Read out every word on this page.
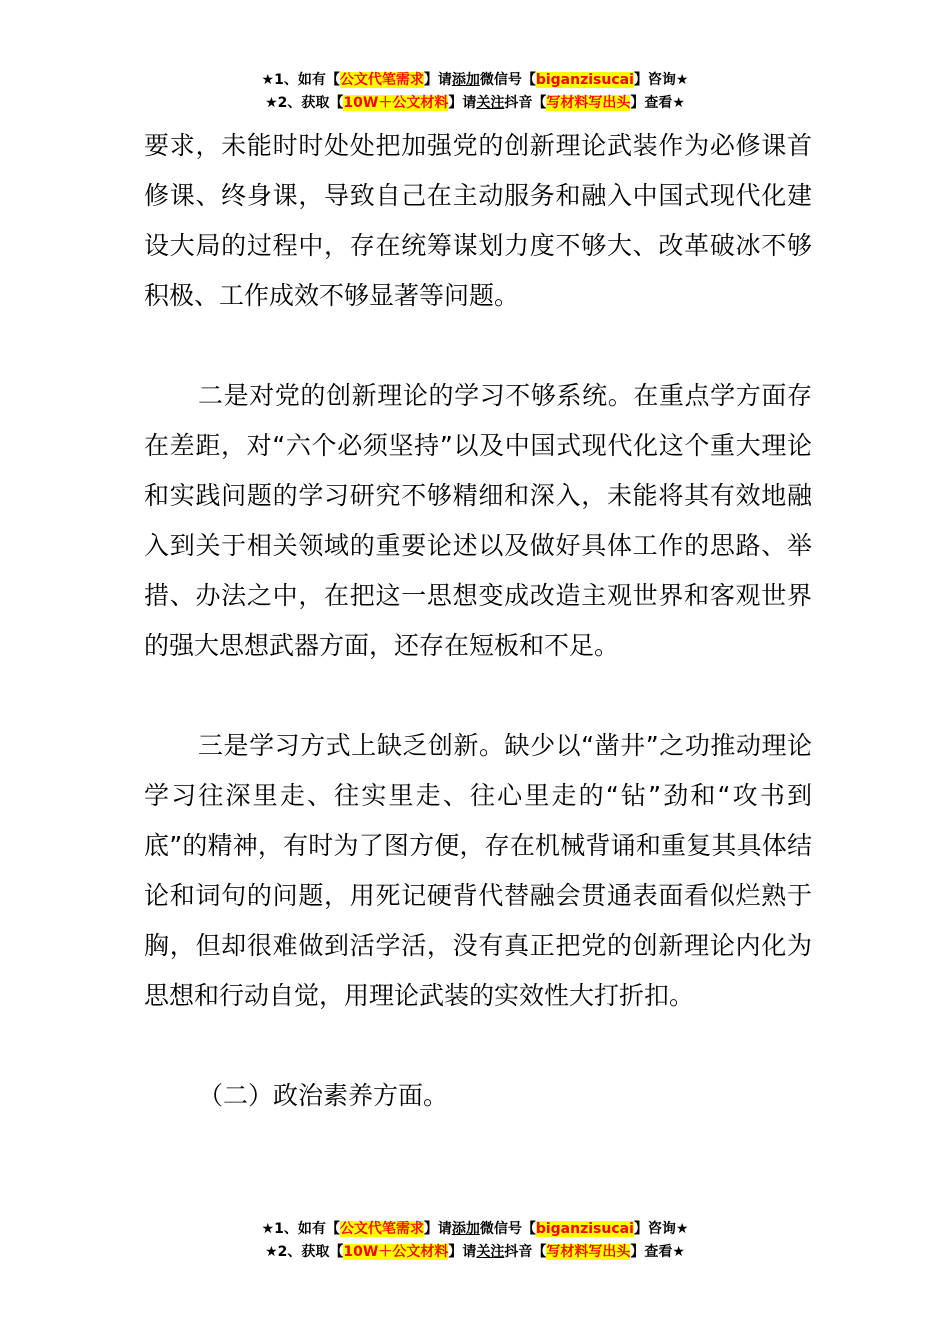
★1、如有【公文代笔需求】请添加微信号【biganzisucai】咨询★
★2、获取【10W＋公文材料】请关注抖音【写材料写出头】查看★

要求，未能时时处处把加强党的创新理论武装作为必修课首修课、终身课，导致自己在主动服务和融入中国式现代化建设大局的过程中，存在统筹谋划力度不够大、改革破冰不够积极、工作成效不够显著等问题。

二是对党的创新理论的学习不够系统。在重点学方面存在差距，对“六个必须坚持”以及中国式现代化这个重大理论和实践问题的学习研究不够精细和深入，未能将其有效地融入到关于相关领域的重要论述以及做好具体工作的思路、举措、办法之中，在把这一思想变成改造主观世界和客观世界的强大思想武器方面，还存在短板和不足。

三是学习方式上缺乏创新。缺少以“凿井”之功推动理论学习往深里走、往实里走、往心里走的“钻”劲和“攻书到底”的精神，有时为了图方便，存在机械背诵和重复其具体结论和词句的问题，用死记硬背代替融会贯通表面看似烂熟于胸，但却很难做到活学活，没有真正把党的创新理论内化为思想和行动自觉，用理论武装的实效性大打折扣。

（二）政治素养方面。

★1、如有【公文代笔需求】请添加微信号【biganzisucai】咨询★
★2、获取【10W＋公文材料】请关注抖音【写材料写出头】查看★
